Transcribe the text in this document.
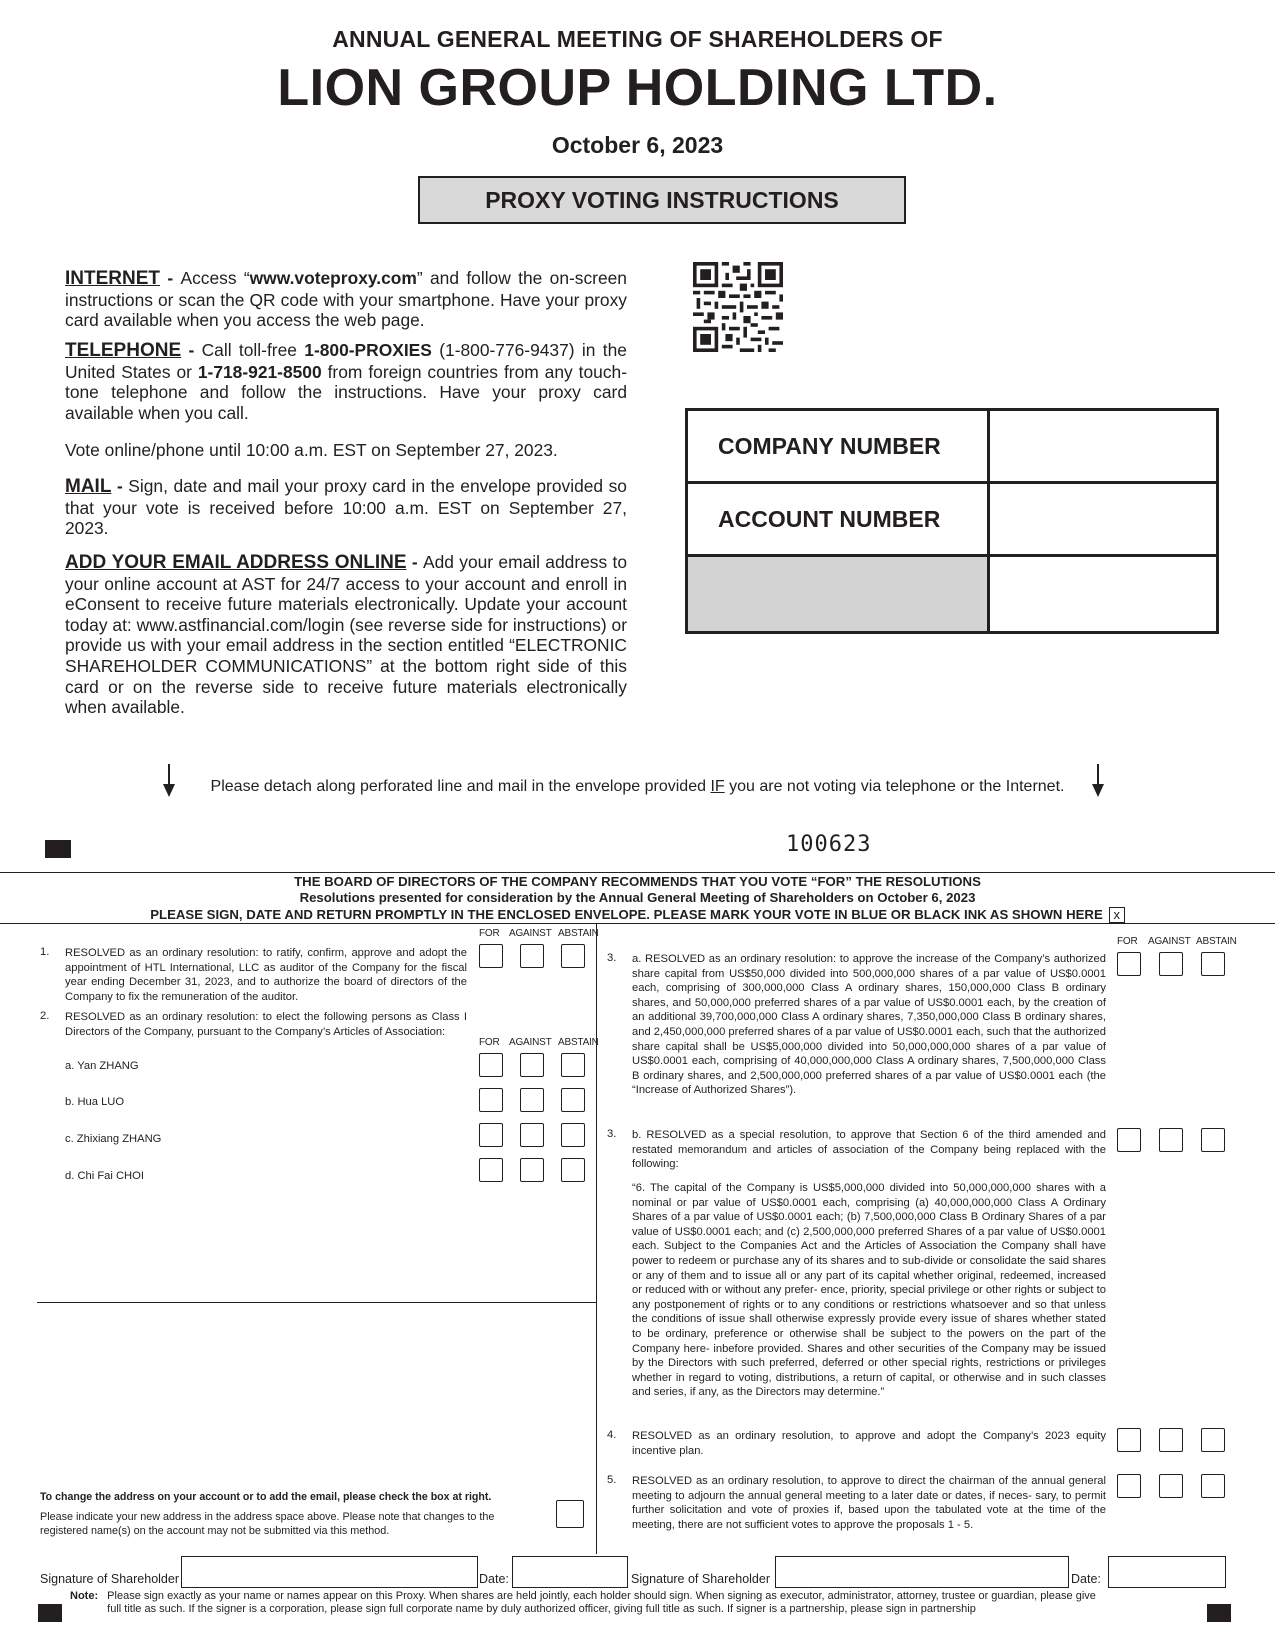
ANNUAL GENERAL MEETING OF SHAREHOLDERS OF
LION GROUP HOLDING LTD.
October 6, 2023
PROXY VOTING INSTRUCTIONS
INTERNET - Access “www.voteproxy.com” and follow the on-screen instructions or scan the QR code with your smartphone. Have your proxy card available when you access the web page.
TELEPHONE - Call toll-free 1-800-PROXIES (1-800-776-9437) in the United States or 1-718-921-8500 from foreign countries from any touch-tone telephone and follow the instructions. Have your proxy card available when you call.
Vote online/phone until 10:00 a.m. EST on September 27, 2023.
MAIL - Sign, date and mail your proxy card in the envelope provided so that your vote is received before 10:00 a.m. EST on September 27, 2023.
ADD YOUR EMAIL ADDRESS ONLINE - Add your email address to your online account at AST for 24/7 access to your account and enroll in eConsent to receive future materials electronically. Update your account today at: www.astfinancial.com/login (see reverse side for instructions) or provide us with your email address in the section entitled “ELECTRONIC SHAREHOLDER COMMUNICATIONS” at the bottom right side of this card or on the reverse side to receive future materials electronically when available.
COMPANY NUMBER
ACCOUNT NUMBER
Please detach along perforated line and mail in the envelope provided IF you are not voting via telephone or the Internet.
100623
THE BOARD OF DIRECTORS OF THE COMPANY RECOMMENDS THAT YOU VOTE “FOR” THE RESOLUTIONS
Resolutions presented for consideration by the Annual General Meeting of Shareholders on October 6, 2023
PLEASE SIGN, DATE AND RETURN PROMPTLY IN THE ENCLOSED ENVELOPE. PLEASE MARK YOUR VOTE IN BLUE OR BLACK INK AS SHOWN HERE x
FOR AGAINST ABSTAIN
1. RESOLVED as an ordinary resolution: to ratify, confirm, approve and adopt the appointment of HTL International, LLC as auditor of the Company for the fiscal year ending December 31, 2023, and to authorize the board of directors of the Company to fix the remuneration of the auditor.
2. RESOLVED as an ordinary resolution: to elect the following persons as Class I Directors of the Company, pursuant to the Company’s Articles of Association:
FOR AGAINST ABSTAIN
a. Yan ZHANG
b. Hua LUO
c. Zhixiang ZHANG
d. Chi Fai CHOI
To change the address on your account or to add the email, please check the box at right.
Please indicate your new address in the address space above. Please note that changes to the registered name(s) on the account may not be submitted via this method.
FOR AGAINST ABSTAIN
3. a. RESOLVED as an ordinary resolution: to approve the increase of the Company’s authorized share capital from US$50,000 divided into 500,000,000 shares of a par value of US$0.0001 each, comprising of 300,000,000 Class A ordinary shares, 150,000,000 Class B ordinary shares, and 50,000,000 preferred shares of a par value of US$0.0001 each, by the creation of an additional 39,700,000,000 Class A ordinary shares, 7,350,000,000 Class B ordinary shares, and 2,450,000,000 preferred shares of a par value of US$0.0001 each, such that the authorized share capital shall be US$5,000,000 divided into 50,000,000,000 shares of a par value of US$0.0001 each, comprising of 40,000,000,000 Class A ordinary shares, 7,500,000,000 Class B ordinary shares, and 2,500,000,000 preferred shares of a par value of US$0.0001 each (the “Increase of Authorized Shares”).
3. b. RESOLVED as a special resolution, to approve that Section 6 of the third amended and restated memorandum and articles of association of the Company being replaced with the following:
“6. The capital of the Company is US$5,000,000 divided into 50,000,000,000 shares with a nominal or par value of US$0.0001 each, comprising (a) 40,000,000,000 Class A Ordinary Shares of a par value of US$0.0001 each; (b) 7,500,000,000 Class B Ordinary Shares of a par value of US$0.0001 each; and (c) 2,500,000,000 preferred Shares of a par value of US$0.0001 each. Subject to the Companies Act and the Articles of Association the Company shall have power to redeem or purchase any of its shares and to sub-divide or consolidate the said shares or any of them and to issue all or any part of its capital whether original, redeemed, increased or reduced with or without any prefer- ence, priority, special privilege or other rights or subject to any postponement of rights or to any conditions or restrictions whatsoever and so that unless the conditions of issue shall otherwise expressly provide every issue of shares whether stated to be ordinary, preference or otherwise shall be subject to the powers on the part of the Company here- inbefore provided. Shares and other securities of the Company may be issued by the Directors with such preferred, deferred or other special rights, restrictions or privileges whether in regard to voting, distributions, a return of capital, or otherwise and in such classes and series, if any, as the Directors may determine.”
4. RESOLVED as an ordinary resolution, to approve and adopt the Company’s 2023 equity incentive plan.
5. RESOLVED as an ordinary resolution, to approve to direct the chairman of the annual general meeting to adjourn the annual general meeting to a later date or dates, if neces- sary, to permit further solicitation and vote of proxies if, based upon the tabulated vote at the time of the meeting, there are not sufficient votes to approve the proposals 1 - 5.
Signature of Shareholder	Date:	Signature of Shareholder	Date:
Note: Please sign exactly as your name or names appear on this Proxy. When shares are held jointly, each holder should sign. When signing as executor, administrator, attorney, trustee or guardian, please give full title as such. If the signer is a corporation, please sign full corporate name by duly authorized officer, giving full title as such. If signer is a partnership, please sign in partnership
